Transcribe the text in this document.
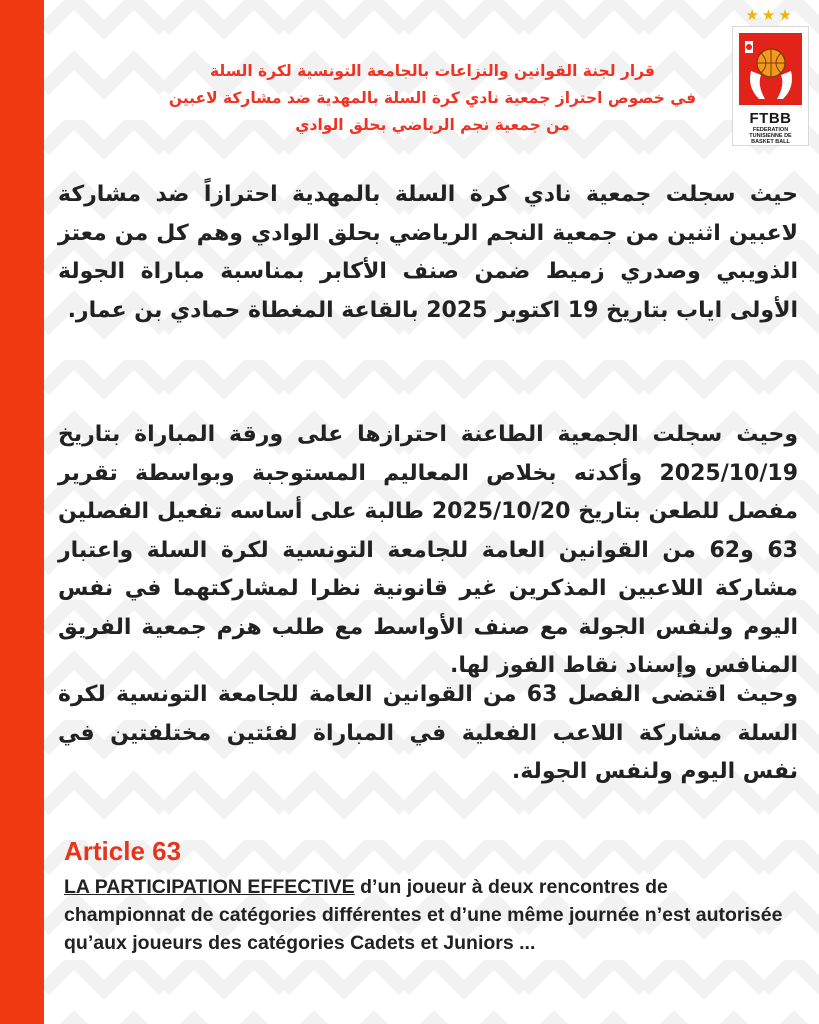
★★★
FTBB
FEDERATION
TUNISIENNE DE
BASKET BALL
قرار لجنة القوانين والنزاعات بالجامعة التونسية لكرة السلة
في خصوص احتراز جمعية نادي كرة السلة بالمهدية ضد مشاركة لاعبين
من جمعية نجم الرياضي بحلق الوادي
حيث سجلت جمعية نادي كرة السلة بالمهدية احترازاً ضد مشاركة لاعبين اثنين من جمعية النجم الرياضي بحلق الوادي وهم كل من معتز الذويبي وصدري زميط ضمن صنف الأكابر بمناسبة مباراة الجولة الأولى اياب بتاريخ 19 اكتوبر 2025 بالقاعة المغطاة حمادي بن عمار.
وحيث سجلت الجمعية الطاعنة احترازها على ورقة المباراة بتاريخ 2025/10/19 وأكدته بخلاص المعاليم المستوجبة وبواسطة تقرير مفصل للطعن بتاريخ 2025/10/20 طالبة على أساسه تفعيل الفصلين 63 و62 من القوانين العامة للجامعة التونسية لكرة السلة واعتبار مشاركة اللاعبين المذكرين غير قانونية نظرا لمشاركتهما في نفس اليوم ولنفس الجولة مع صنف الأواسط مع طلب هزم جمعية الفريق المنافس وإسناد نقاط الفوز لها.
وحيث اقتضى الفصل 63 من القوانين العامة للجامعة التونسية لكرة السلة مشاركة اللاعب الفعلية في المباراة لفئتين مختلفتين في نفس اليوم ولنفس الجولة.
Article 63
LA PARTICIPATION EFFECTIVE d’un joueur à deux rencontres de championnat de catégories différentes et d’une même journée n’est autorisée qu’aux joueurs des catégories Cadets et Juniors ...
